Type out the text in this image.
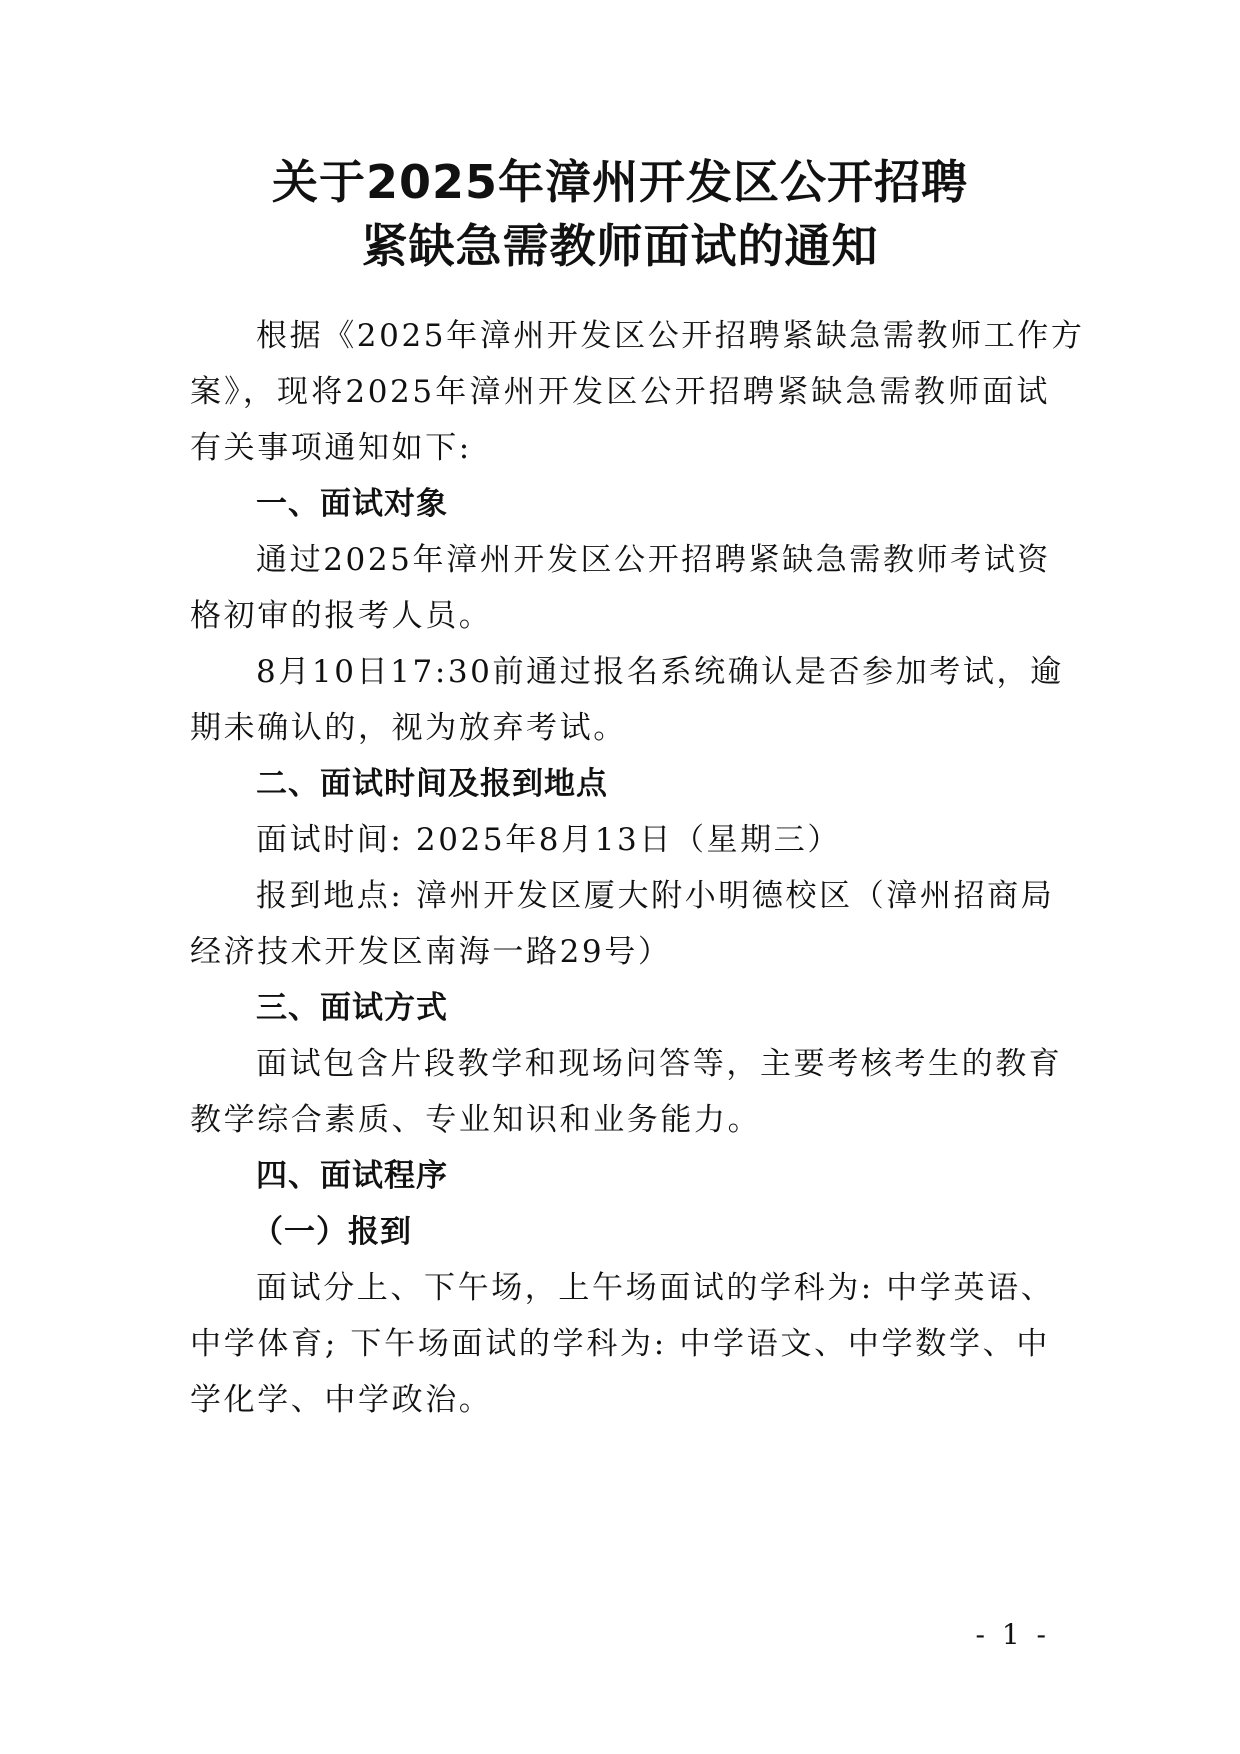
关于2025年漳州开发区公开招聘
紧缺急需教师面试的通知
根据《2025年漳州开发区公开招聘紧缺急需教师工作方
案》，现将2025年漳州开发区公开招聘紧缺急需教师面试
有关事项通知如下:
一、面试对象
通过2025年漳州开发区公开招聘紧缺急需教师考试资
格初审的报考人员。
8月10日17:30前通过报名系统确认是否参加考试，逾
期未确认的，视为放弃考试。
二、面试时间及报到地点
面试时间: 2025年8月13日（星期三）
报到地点: 漳州开发区厦大附小明德校区（漳州招商局
经济技术开发区南海一路29号）
三、面试方式
面试包含片段教学和现场问答等，主要考核考生的教育
教学综合素质、专业知识和业务能力。
四、面试程序
（一）报到
面试分上、下午场，上午场面试的学科为: 中学英语、
中学体育; 下午场面试的学科为: 中学语文、中学数学、中
学化学、中学政治。
- 1 -
